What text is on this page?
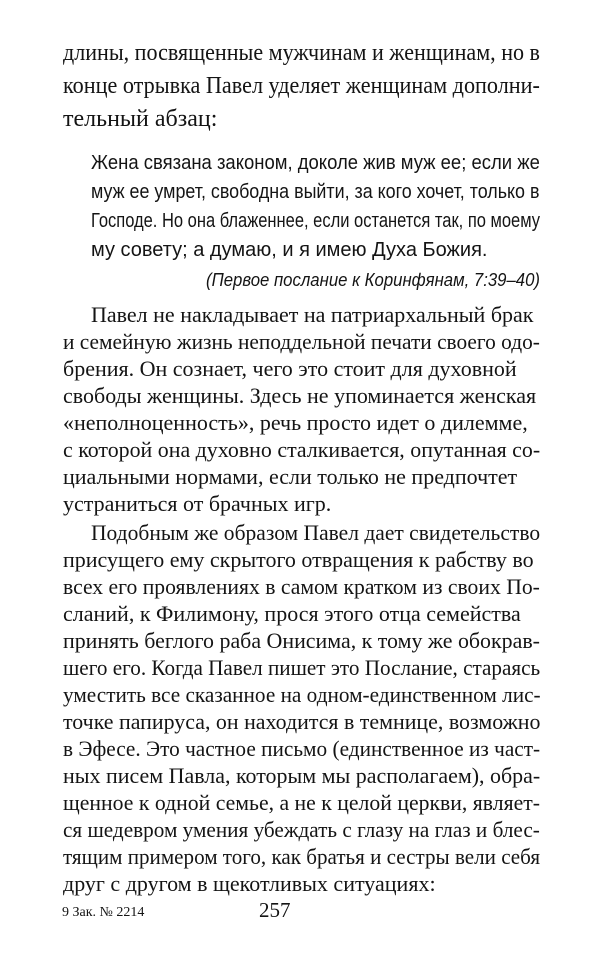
длины, посвященные мужчинам и женщинам, но в
конце отрывка Павел уделяет женщинам дополни-
тельный абзац:
Жена связана законом, доколе жив муж ее; если же
муж ее умрет, свободна выйти, за кого хочет, только в
Господе. Но она блаженнее, если останется так, по моему
му совету; а думаю, и я имею Духа Божия.
(Первое послание к Коринфянам, 7:39–40)
Павел не накладывает на патриархальный брак
и семейную жизнь неподдельной печати своего одо-
брения. Он сознает, чего это стоит для духовной
свободы женщины. Здесь не упоминается женская
«неполноценность», речь просто идет о дилемме,
с которой она духовно сталкивается, опутанная со-
циальными нормами, если только не предпочтет
устраниться от брачных игр.
Подобным же образом Павел дает свидетельство
присущего ему скрытого отвращения к рабству во
всех его проявлениях в самом кратком из своих По-
сланий, к Филимону, прося этого отца семейства
принять беглого раба Онисима, к тому же обокрав-
шего его. Когда Павел пишет это Послание, стараясь
уместить все сказанное на одном-единственном лис-
точке папируса, он находится в темнице, возможно
в Эфесе. Это частное письмо (единственное из част-
ных писем Павла, которым мы располагаем), обра-
щенное к одной семье, а не к целой церкви, являет-
ся шедевром умения убеждать с глазу на глаз и блес-
тящим примером того, как братья и сестры вели себя
друг с другом в щекотливых ситуациях:
9 Зак. № 2214	257
